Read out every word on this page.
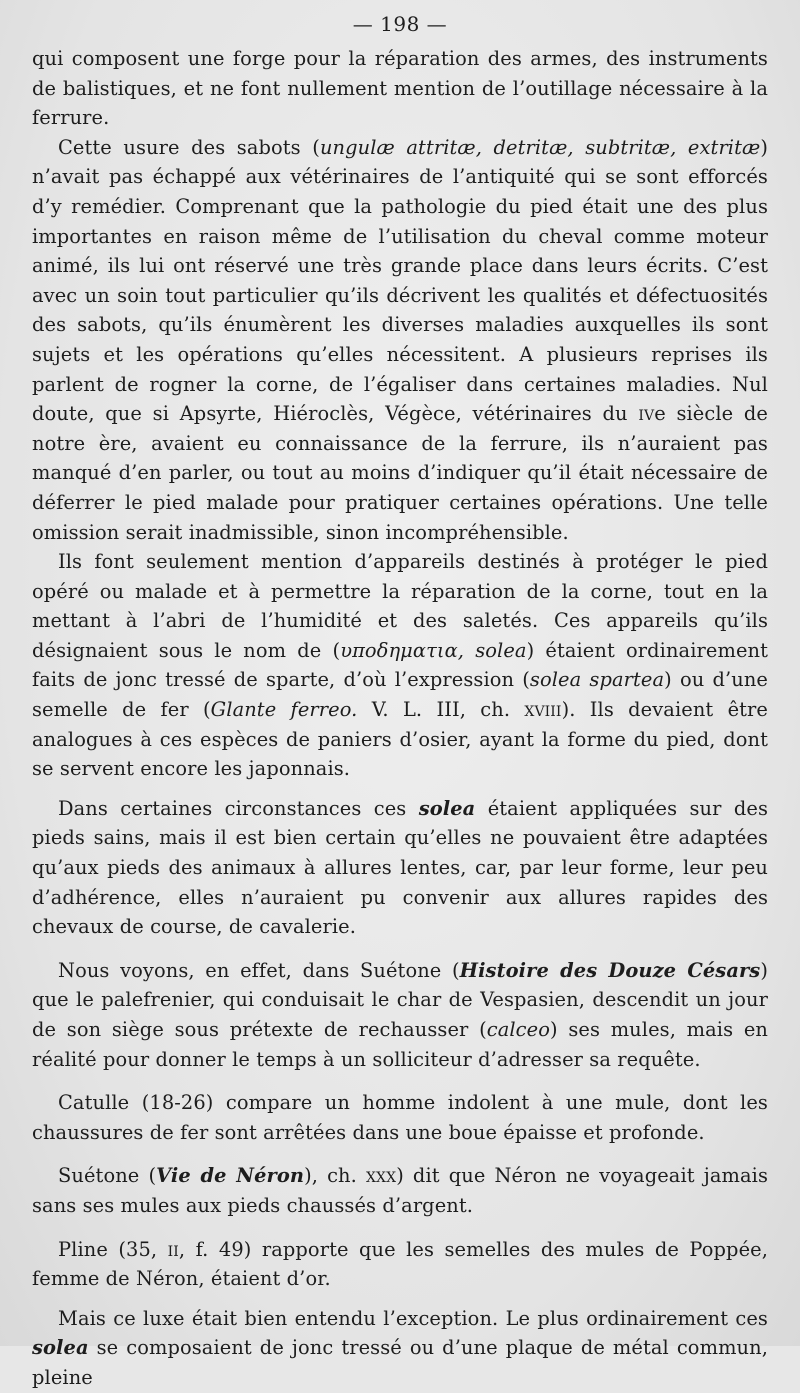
— 198 —

qui composent une forge pour la réparation des armes, des instruments de balistiques, et ne font nullement mention de l’outillage nécessaire à la ferrure.

Cette usure des sabots (ungulæ attritæ, detritæ, subtritæ, extritæ) n’avait pas échappé aux vétérinaires de l’antiquité qui se sont efforcés d’y remédier. Comprenant que la pathologie du pied était une des plus importantes en raison même de l’utilisation du cheval comme moteur animé, ils lui ont réservé une très grande place dans leurs écrits. C’est avec un soin tout particulier qu’ils décrivent les qualités et défectuosités des sabots, qu’ils énumèrent les diverses maladies auxquelles ils sont sujets et les opérations qu’elles nécessitent. A plusieurs reprises ils parlent de rogner la corne, de l’égaliser dans certaines maladies. Nul doute, que si Apsyrte, Hiéroclès, Végèce, vétérinaires du ive siècle de notre ère, avaient eu connaissance de la ferrure, ils n’auraient pas manqué d’en parler, ou tout au moins d’indiquer qu’il était nécessaire de déferrer le pied malade pour pratiquer certaines opérations. Une telle omission serait inadmissible, sinon incompréhensible.

Ils font seulement mention d’appareils destinés à protéger le pied opéré ou malade et à permettre la réparation de la corne, tout en la mettant à l’abri de l’humidité et des saletés. Ces appareils qu’ils désignaient sous le nom de (υποδηματια, solea) étaient ordinairement faits de jonc tressé de sparte, d’où l’expression (solea spartea) ou d’une semelle de fer (Glante ferreo. V. L. III, ch. xviii). Ils devaient être analogues à ces espèces de paniers d’osier, ayant la forme du pied, dont se servent encore les japonnais.

Dans certaines circonstances ces solea étaient appliquées sur des pieds sains, mais il est bien certain qu’elles ne pouvaient être adaptées qu’aux pieds des animaux à allures lentes, car, par leur forme, leur peu d’adhérence, elles n’auraient pu convenir aux allures rapides des chevaux de course, de cavalerie.

Nous voyons, en effet, dans Suétone (Histoire des Douze Césars) que le palefrenier, qui conduisait le char de Vespasien, descendit un jour de son siège sous prétexte de rechausser (calceo) ses mules, mais en réalité pour donner le temps à un solliciteur d’adresser sa requête.

Catulle (18-26) compare un homme indolent à une mule, dont les chaussures de fer sont arrêtées dans une boue épaisse et profonde.

Suétone (Vie de Néron), ch. xxx) dit que Néron ne voyageait jamais sans ses mules aux pieds chaussés d’argent.

Pline (35, ii, f. 49) rapporte que les semelles des mules de Poppée, femme de Néron, étaient d’or.

Mais ce luxe était bien entendu l’exception. Le plus ordinairement ces solea se composaient de jonc tressé ou d’une plaque de métal commun, pleine
